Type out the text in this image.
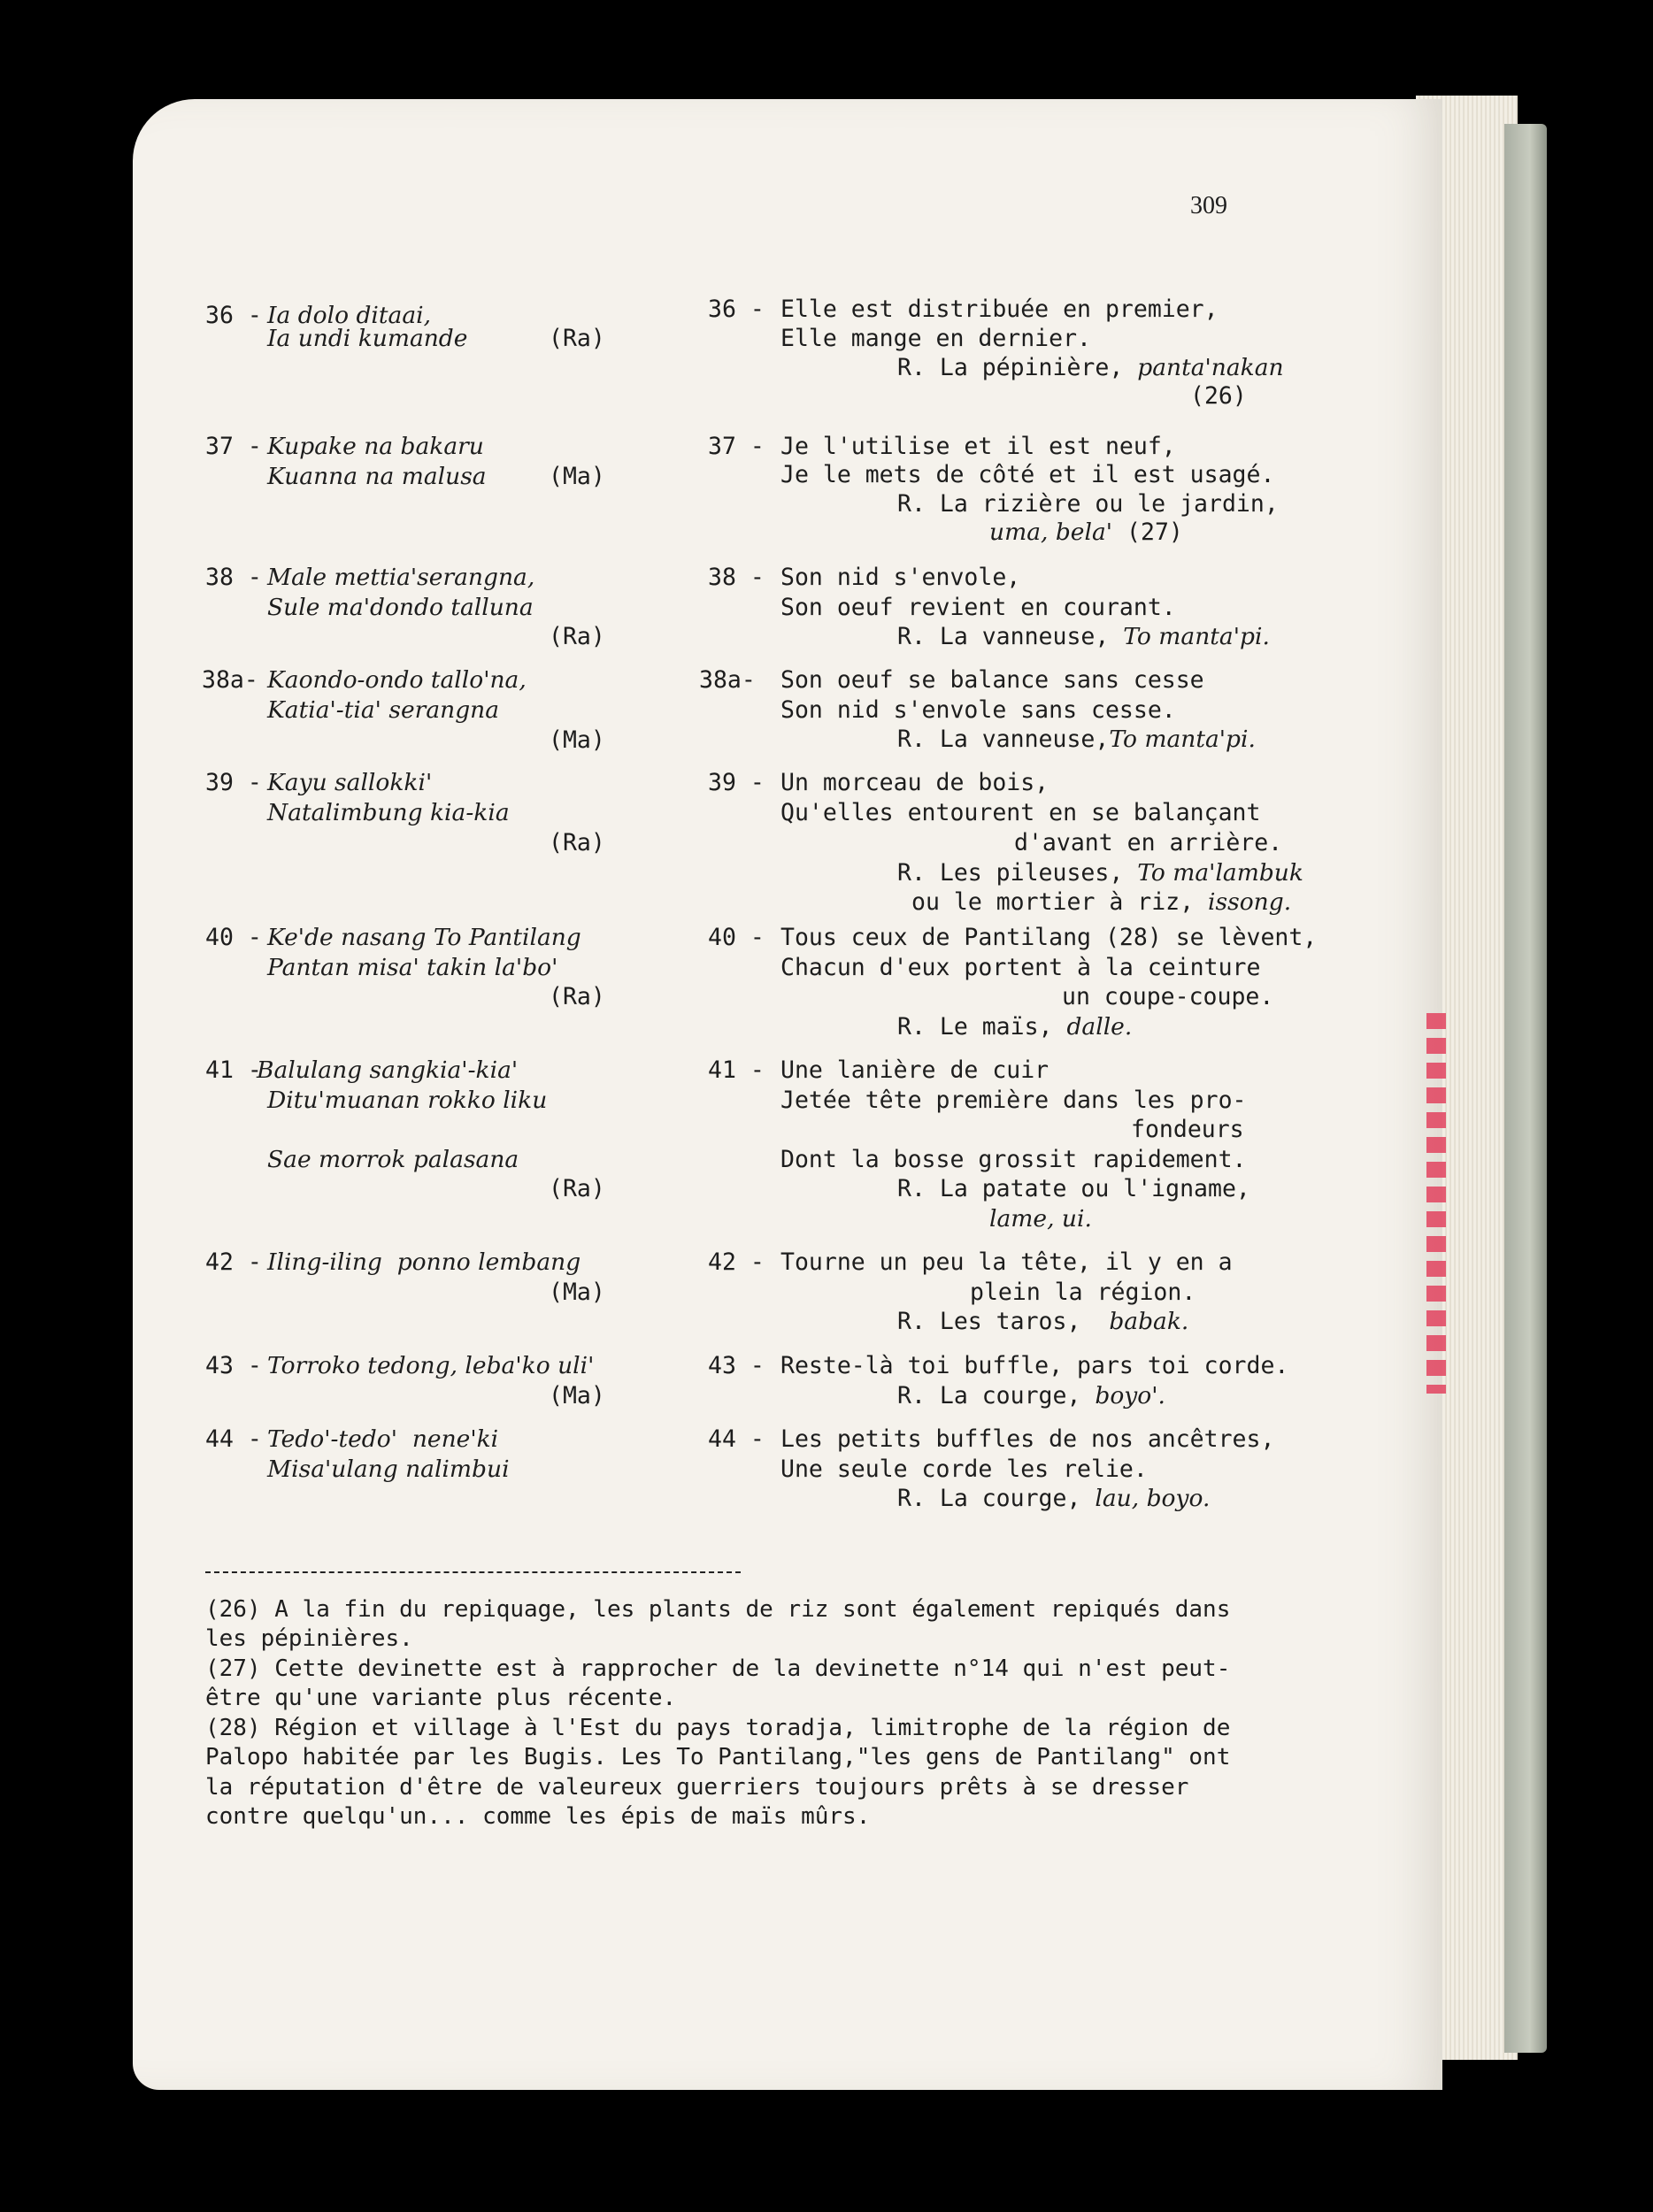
309
36 - Ia dolo ditaai,
Ia undi kumande	(Ra)
36 - Elle est distribuée en premier,
Elle mange en dernier.
R. La pépinière, panta'nakan
(26)
37 - Kupake na bakaru
Kuanna na malusa	(Ma)
37 - Je l'utilise et il est neuf,
Je le mets de côté et il est usagé.
R. La rizière ou le jardin,
uma, bela' (27)
38 - Male mettia'serangna,
Sule ma'dondo talluna
(Ra)
38 - Son nid s'envole,
Son oeuf revient en courant.
R. La vanneuse, To manta'pi.
38a- Kaondo-ondo tallo'na,
Katia'-tia' serangna
(Ma)
38a- Son oeuf se balance sans cesse
Son nid s'envole sans cesse.
R. La vanneuse,To manta'pi.
39 - Kayu sallokki'
Natalimbung kia-kia
(Ra)
39 - Un morceau de bois,
Qu'elles entourent en se balançant
d'avant en arrière.
R. Les pileuses, To ma'lambuk
ou le mortier à riz, issong.
40 - Ke'de nasang To Pantilang
Pantan misa' takin la'bo'
(Ra)
40 - Tous ceux de Pantilang (28) se lèvent,
Chacun d'eux portent à la ceinture
un coupe-coupe.
R. Le maïs, dalle.
41 -
Balulang sangkia'-kia'
Ditu'muanan rokko liku
Sae morrok palasana
(Ra)
41 - Une lanière de cuir
Jetée tête première dans les pro-
fondeurs
Dont la bosse grossit rapidement.
R. La patate ou l'igname,
lame, ui.
42 - Iling-iling  ponno lembang
(Ma)
42 - Tourne un peu la tête, il y en a
plein la région.
R. Les taros,  babak.
43 - Torroko tedong, leba'ko uli'
(Ma)
43 - Reste-là toi buffle, pars toi corde.
R. La courge, boyo'.
44 - Tedo'-tedo'  nene'ki
Misa'ulang nalimbui
44 - Les petits buffles de nos ancêtres,
Une seule corde les relie.
R. La courge, lau, boyo.
(26) A la fin du repiquage, les plants de riz sont également repiqués dans
les pépinières.
(27) Cette devinette est à rapprocher de la devinette n°14 qui n'est peut-
être qu'une variante plus récente.
(28) Région et village à l'Est du pays toradja, limitrophe de la région de
Palopo habitée par les Bugis. Les To Pantilang,"les gens de Pantilang" ont
la réputation d'être de valeureux guerriers toujours prêts à se dresser
contre quelqu'un... comme les épis de maïs mûrs.
